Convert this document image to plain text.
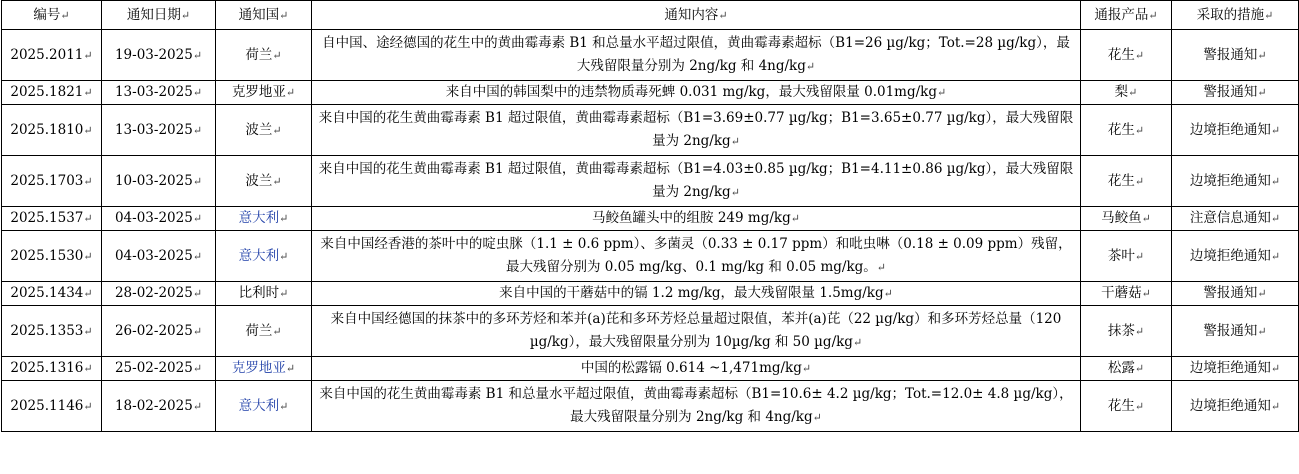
编号↵	通知日期↵	通知国↵	通知内容↵	通报产品↵	采取的措施↵
2025.2011↵	19-03-2025↵	荷兰↵	自中国、途经德国的花生中的黄曲霉毒素 B1 和总量水平超过限值，黄曲霉毒素超标（B1=26 µg/kg；Tot.=28 µg/kg），最大残留限量分别为 2ng/kg 和 4ng/kg↵	花生↵	警报通知↵
2025.1821↵	13-03-2025↵	克罗地亚↵	来自中国的韩国梨中的违禁物质毒死蜱 0.031 mg/kg，最大残留限量 0.01mg/kg↵	梨↵	警报通知↵
2025.1810↵	13-03-2025↵	波兰↵	来自中国的花生黄曲霉毒素 B1 超过限值，黄曲霉毒素超标（B1=3.69±0.77 µg/kg；B1=3.65±0.77 µg/kg），最大残留限量为 2ng/kg↵	花生↵	边境拒绝通知↵
2025.1703↵	10-03-2025↵	波兰↵	来自中国的花生黄曲霉毒素 B1 超过限值，黄曲霉毒素超标（B1=4.03±0.85 µg/kg；B1=4.11±0.86 µg/kg），最大残留限量为 2ng/kg↵	花生↵	边境拒绝通知↵
2025.1537↵	04-03-2025↵	意大利↵	马鲛鱼罐头中的组胺 249 mg/kg↵	马鲛鱼↵	注意信息通知↵
2025.1530↵	04-03-2025↵	意大利↵	来自中国经香港的茶叶中的啶虫脒（1.1 ± 0.6 ppm）、多菌灵（0.33 ± 0.17 ppm）和吡虫啉（0.18 ± 0.09 ppm）残留，最大残留分别为 0.05 mg/kg、0.1 mg/kg 和 0.05 mg/kg。↵	茶叶↵	边境拒绝通知↵
2025.1434↵	28-02-2025↵	比利时↵	来自中国的干蘑菇中的镉 1.2 mg/kg，最大残留限量 1.5mg/kg↵	干蘑菇↵	警报通知↵
2025.1353↵	26-02-2025↵	荷兰↵	来自中国经德国的抹茶中的多环芳烃和苯并(a)芘和多环芳烃总量超过限值，苯并(a)芘（22 µg/kg）和多环芳烃总量（120 µg/kg），最大残留限量分别为 10µg/kg 和 50 µg/kg↵	抹茶↵	警报通知↵
2025.1316↵	25-02-2025↵	克罗地亚↵	中国的松露镉 0.614 ~1,471mg/kg↵	松露↵	边境拒绝通知↵
2025.1146↵	18-02-2025↵	意大利↵	来自中国的花生黄曲霉毒素 B1 和总量水平超过限值，黄曲霉毒素超标（B1=10.6± 4.2 µg/kg；Tot.=12.0± 4.8 µg/kg），最大残留限量分别为 2ng/kg 和 4ng/kg↵	花生↵	边境拒绝通知↵
